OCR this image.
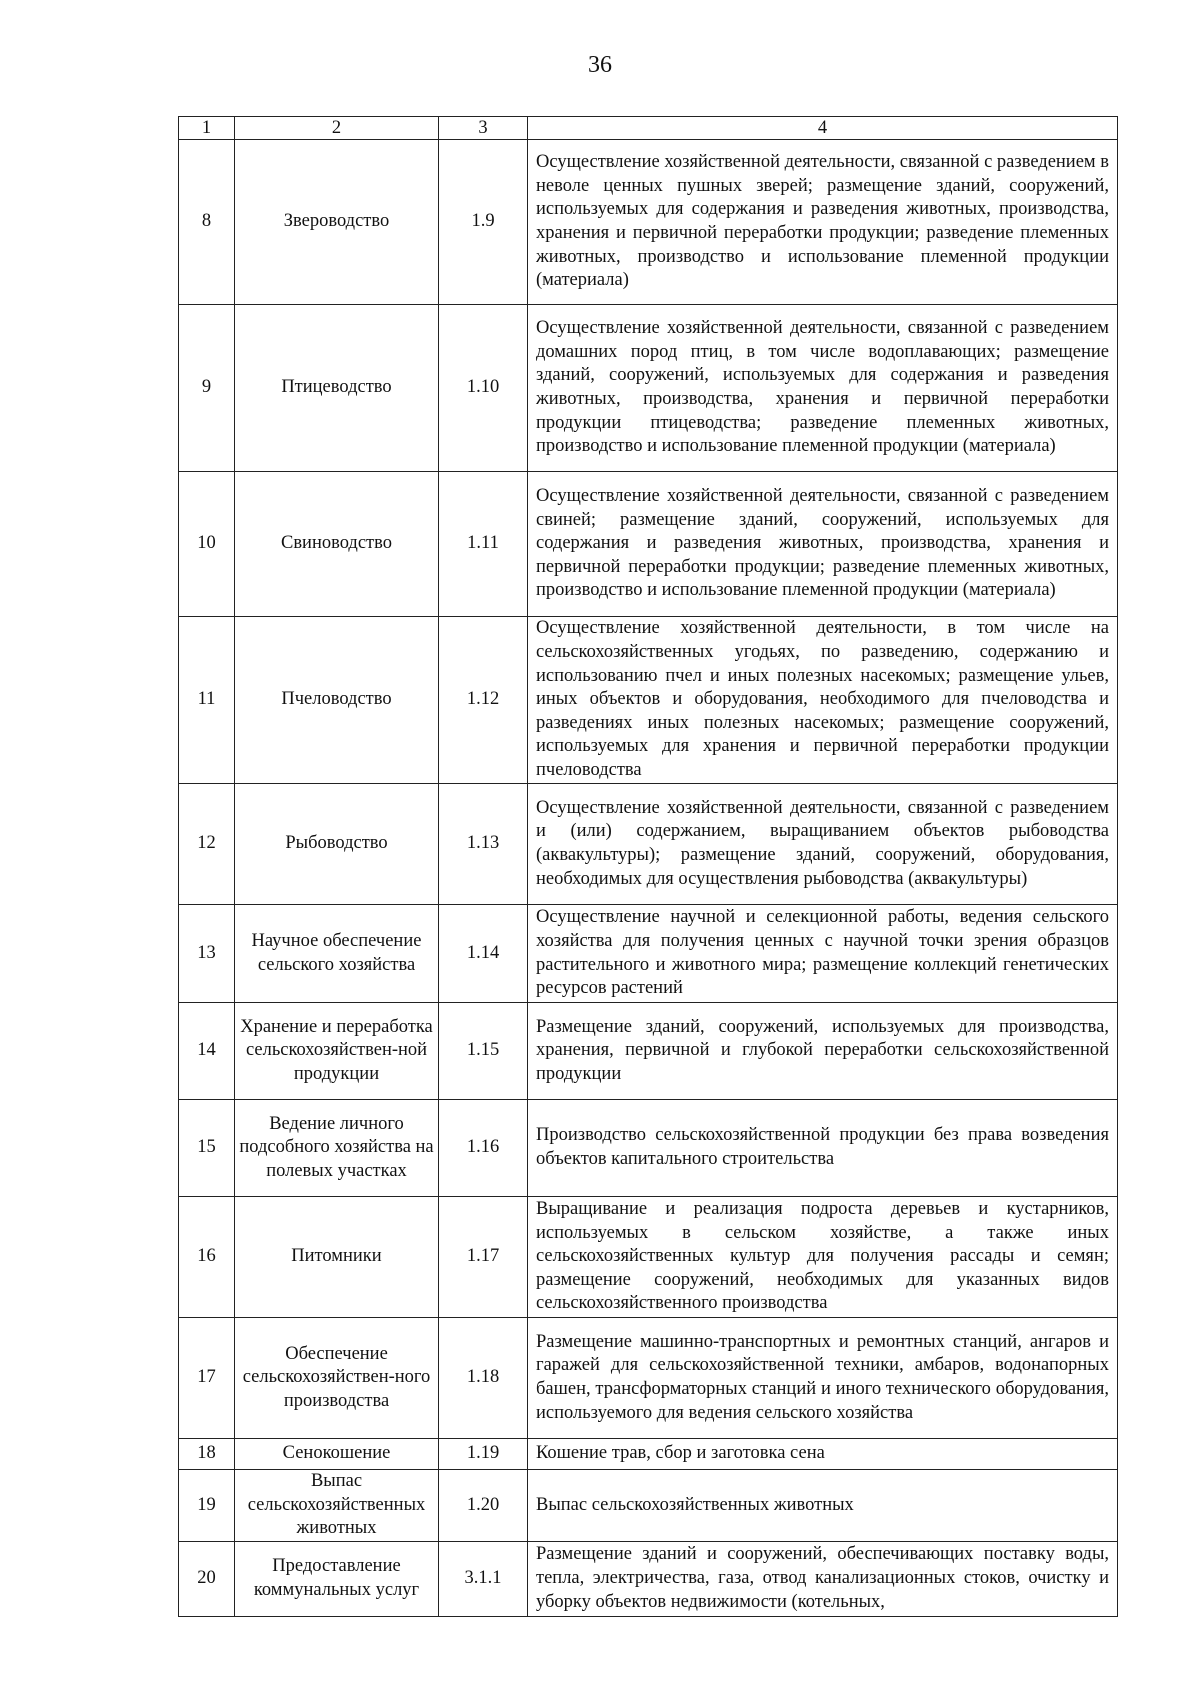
36
1	2	3	4
8	Звероводство	1.9	Осуществление хозяйственной деятельности, связанной с разведением в неволе ценных пушных зверей; размещение зданий, сооружений, используемых для содержания и разведения животных, производства, хранения и первичной переработки продукции; разведение племенных животных, производство и использование племенной продукции (материала)
9	Птицеводство	1.10	Осуществление хозяйственной деятельности, связанной с разведением домашних пород птиц, в том числе водоплавающих; размещение зданий, сооружений, используемых для содержания и разведения животных, производства, хранения и первичной переработки продукции птицеводства; разведение племенных животных, производство и использование племенной продукции (материала)
10	Свиноводство	1.11	Осуществление хозяйственной деятельности, связанной с разведением свиней; размещение зданий, сооружений, используемых для содержания и разведения животных, производства, хранения и первичной переработки продукции; разведение племенных животных, производство и использование племенной продукции (материала)
11	Пчеловодство	1.12	Осуществление хозяйственной деятельности, в том числе на сельскохозяйственных угодьях, по разведению, содержанию и использованию пчел и иных полезных насекомых; размещение ульев, иных объектов и оборудования, необходимого для пчеловодства и разведениях иных полезных насекомых; размещение сооружений, используемых для хранения и первичной переработки продукции пчеловодства
12	Рыбоводство	1.13	Осуществление хозяйственной деятельности, связанной с разведением и (или) содержанием, выращиванием объектов рыбоводства (аквакультуры); размещение зданий, сооружений, оборудования, необходимых для осуществления рыбоводства (аквакультуры)
13	Научное обеспечение сельского хозяйства	1.14	Осуществление научной и селекционной работы, ведения сельского хозяйства для получения ценных с научной точки зрения образцов растительного и животного мира; размещение коллекций генетических ресурсов растений
14	Хранение и переработка сельскохозяйствен-ной продукции	1.15	Размещение зданий, сооружений, используемых для производства, хранения, первичной и глубокой переработки сельскохозяйственной продукции
15	Ведение личного подсобного хозяйства на полевых участках	1.16	Производство сельскохозяйственной продукции без права возведения объектов капитального строительства
16	Питомники	1.17	Выращивание и реализация подроста деревьев и кустарников, используемых в сельском хозяйстве, а также иных сельскохозяйственных культур для получения рассады и семян; размещение сооружений, необходимых для указанных видов сельскохозяйственного производства
17	Обеспечение сельскохозяйствен-ного производства	1.18	Размещение машинно-транспортных и ремонтных станций, ангаров и гаражей для сельскохозяйственной техники, амбаров, водонапорных башен, трансформаторных станций и иного технического оборудования, используемого для ведения сельского хозяйства
18	Сенокошение	1.19	Кошение трав, сбор и заготовка сена
19	Выпас сельскохозяйственных животных	1.20	Выпас сельскохозяйственных животных
20	Предоставление коммунальных услуг	3.1.1	Размещение зданий и сооружений, обеспечивающих поставку воды, тепла, электричества, газа, отвод канализационных стоков, очистку и уборку объектов недвижимости (котельных,
